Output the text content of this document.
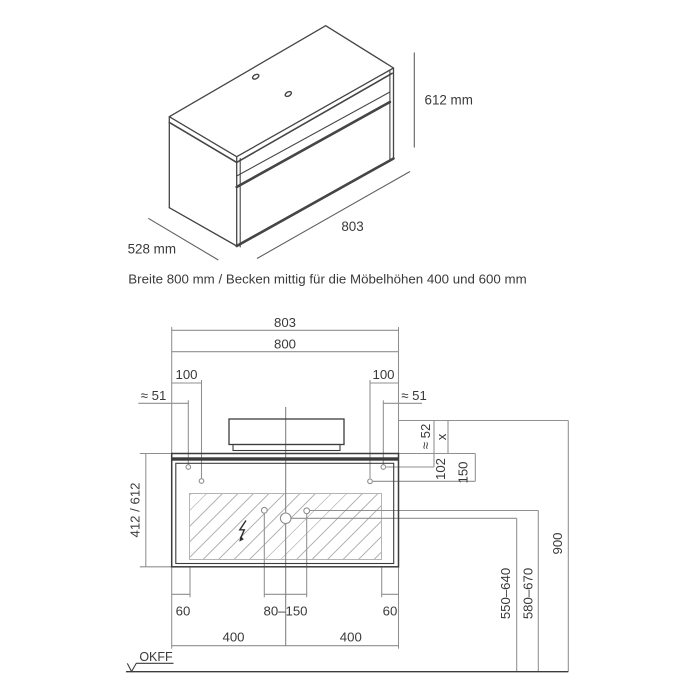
612 mm
803
528 mm
Breite 800 mm / Becken mittig für die Möbelhöhen 400 und 600 mm
803
800
100	100
≈ 51	≈ 51
≈ 52 x
102 150
412 / 612
60	80–150	60
400	400
OKFF
550–640 580–670
900
